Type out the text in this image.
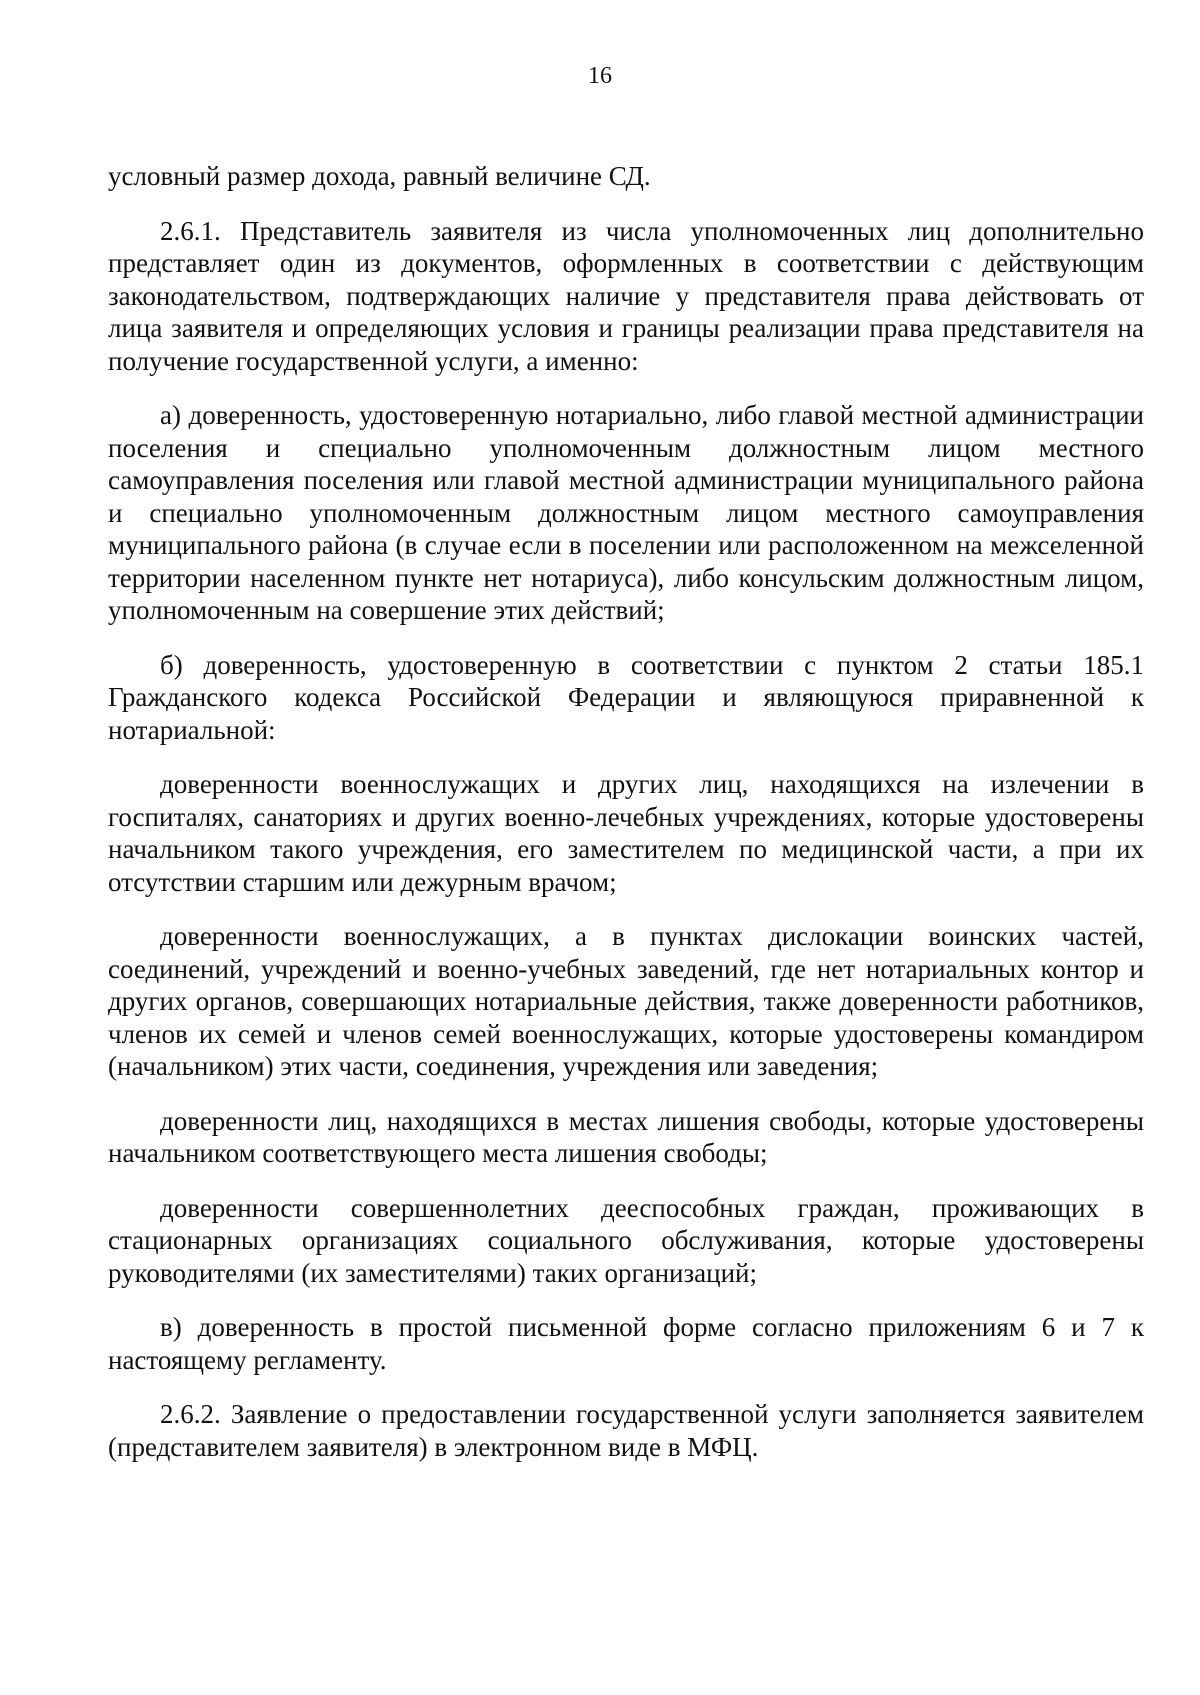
16

условный размер дохода, равный величине СД.

2.6.1. Представитель заявителя из числа уполномоченных лиц дополнительно представляет один из документов, оформленных в соответствии с действующим законодательством, подтверждающих наличие у представителя права действовать от лица заявителя и определяющих условия и границы реализации права представителя на получение государственной услуги, а именно:

а) доверенность, удостоверенную нотариально, либо главой местной администрации поселения и специально уполномоченным должностным лицом местного самоуправления поселения или главой местной администрации муниципального района и специально уполномоченным должностным лицом местного самоуправления муниципального района (в случае если в поселении или расположенном на межселенной территории населенном пункте нет нотариуса), либо консульским должностным лицом, уполномоченным на совершение этих действий;

б) доверенность, удостоверенную в соответствии с пунктом 2 статьи 185.1 Гражданского кодекса Российской Федерации и являющуюся приравненной к нотариальной:

доверенности военнослужащих и других лиц, находящихся на излечении в госпиталях, санаториях и других военно-лечебных учреждениях, которые удостоверены начальником такого учреждения, его заместителем по медицинской части, а при их отсутствии старшим или дежурным врачом;

доверенности военнослужащих, а в пунктах дислокации воинских частей, соединений, учреждений и военно-учебных заведений, где нет нотариальных контор и других органов, совершающих нотариальные действия, также доверенности работников, членов их семей и членов семей военнослужащих, которые удостоверены командиром (начальником) этих части, соединения, учреждения или заведения;

доверенности лиц, находящихся в местах лишения свободы, которые удостоверены начальником соответствующего места лишения свободы;

доверенности совершеннолетних дееспособных граждан, проживающих в стационарных организациях социального обслуживания, которые удостоверены руководителями (их заместителями) таких организаций;

в) доверенность в простой письменной форме согласно приложениям 6 и 7 к настоящему регламенту.

2.6.2. Заявление о предоставлении государственной услуги заполняется заявителем (представителем заявителя) в электронном виде в МФЦ.
